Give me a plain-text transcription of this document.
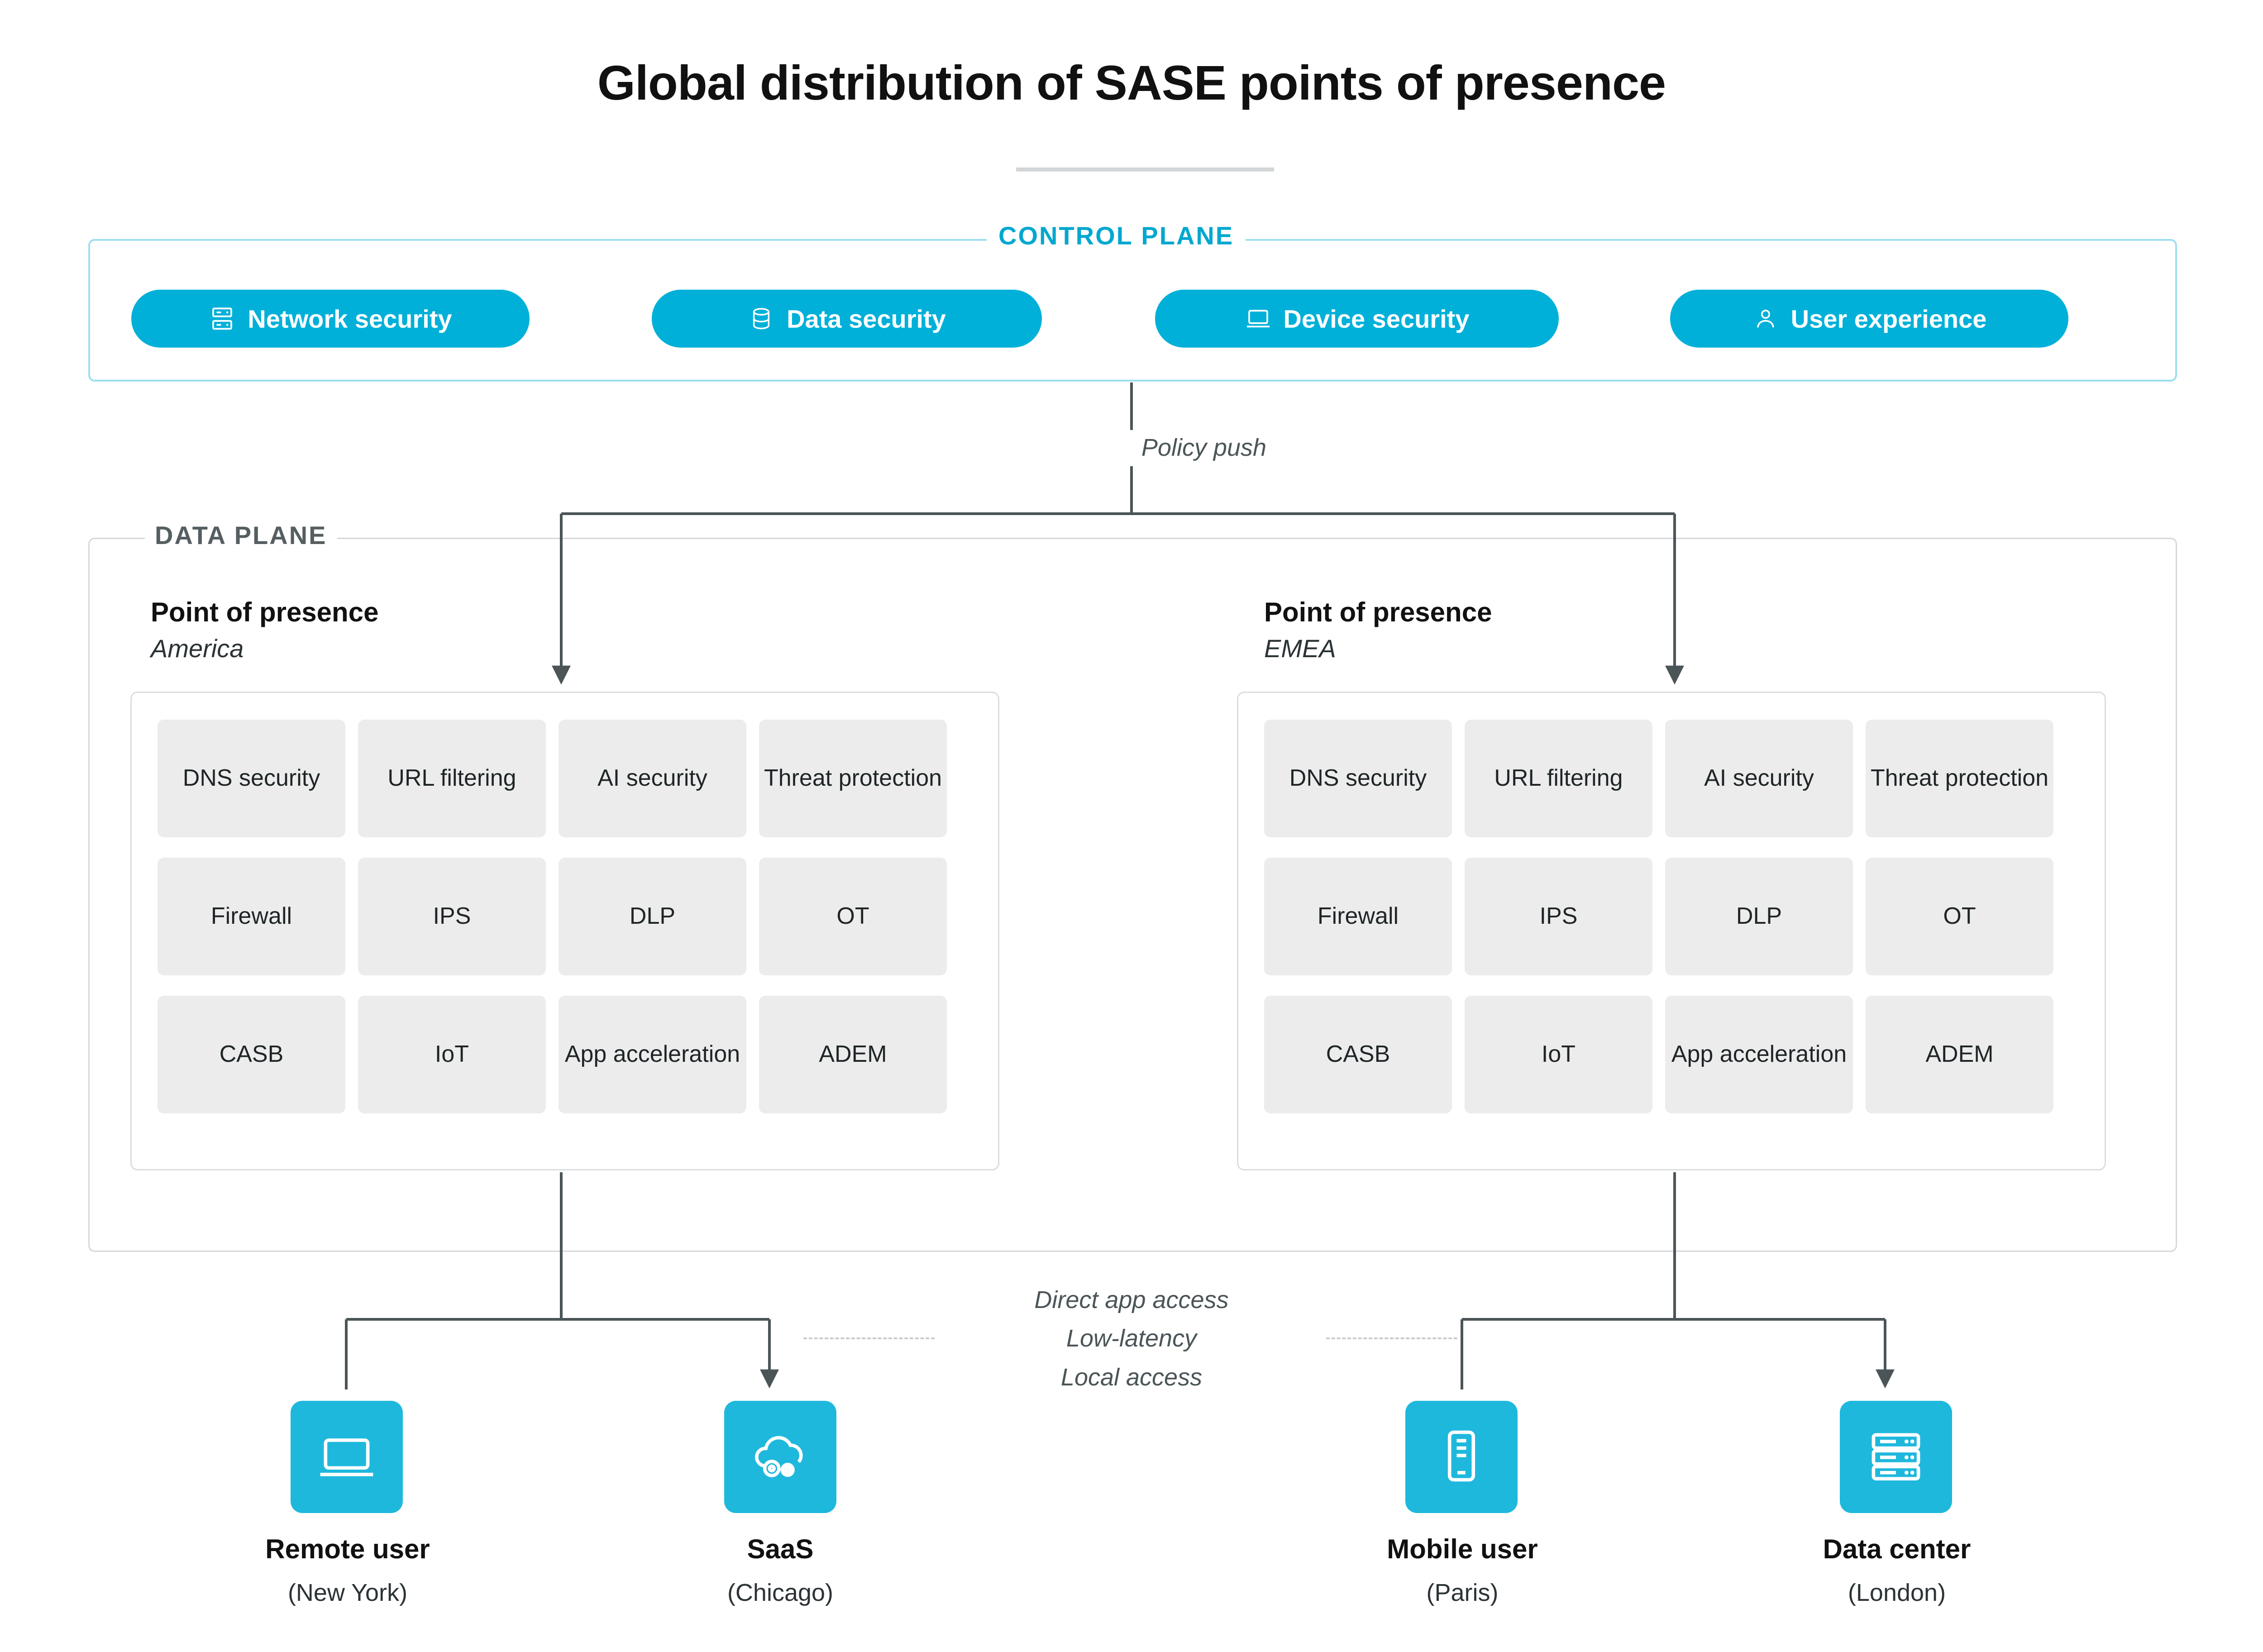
Global distribution of SASE points of presence
CONTROL PLANE
Network security	Data security	Device security	User experience
Policy push
DATA PLANE
Point of presence
America
Point of presence
EMEA
DNS security	URL filtering	AI security	Threat protection
Firewall	IPS	DLP	OT
CASB	IoT	App acceleration	ADEM
DNS security	URL filtering	AI security	Threat protection
Firewall	IPS	DLP	OT
CASB	IoT	App acceleration	ADEM
Direct app access
Low-latency
Local access
Remote user
(New York)
SaaS
(Chicago)
Mobile user
(Paris)
Data center
(London)
